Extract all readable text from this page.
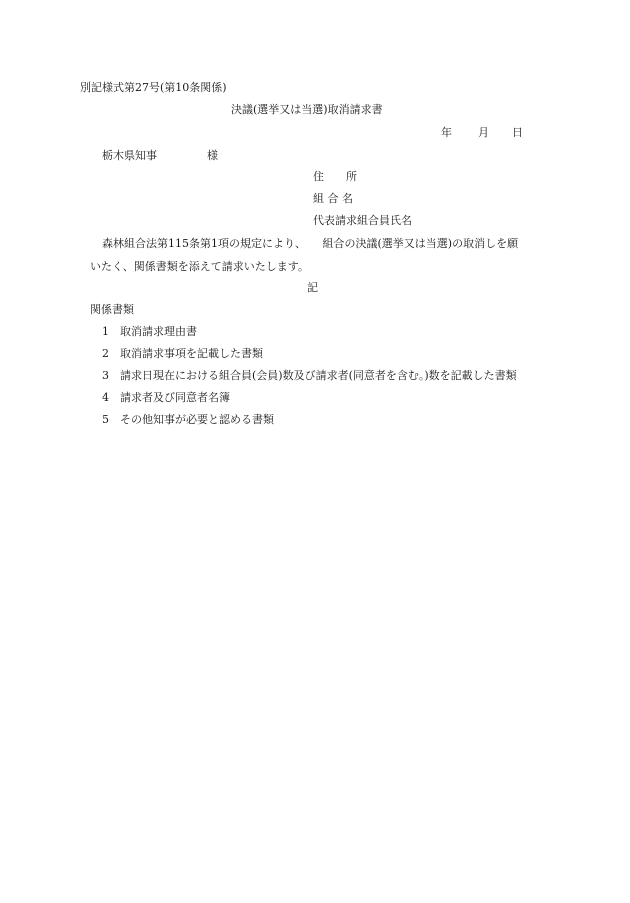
別記様式第27号(第10条関係)
決議(選挙又は当選)取消請求書
年 月 日
栃木県知事	様
住　　所
組 合 名
代表請求組合員氏名
森林組合法第115条第1項の規定により、　　組合の決議(選挙又は当選)の取消しを願
いたく、関係書類を添えて請求いたします。
記
関係書類
1 取消請求理由書
2 取消請求事項を記載した書類
3 請求日現在における組合員(会員)数及び請求者(同意者を含む。)数を記載した書類
4 請求者及び同意者名簿
5 その他知事が必要と認める書類
